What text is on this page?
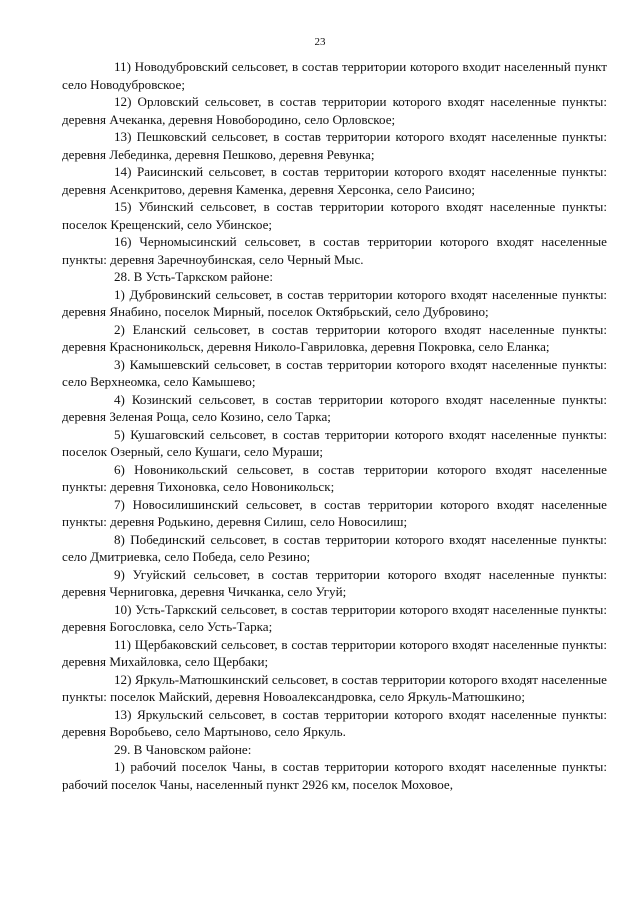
23

11) Новодубровский сельсовет, в состав территории которого входит населенный пункт село Новодубровское;

12) Орловский сельсовет, в состав территории которого входят населенные пункты: деревня Ачеканка, деревня Новобородино, село Орловское;

13) Пешковский сельсовет, в состав территории которого входят населенные пункты: деревня Лебединка, деревня Пешково, деревня Ревунка;

14) Раисинский сельсовет, в состав территории которого входят населенные пункты: деревня Асенкритово, деревня Каменка, деревня Херсонка, село Раисино;

15) Убинский сельсовет, в состав территории которого входят населенные пункты: поселок Крещенский, село Убинское;

16) Черномысинский сельсовет, в состав территории которого входят населенные пункты: деревня Заречноубинская, село Черный Мыс.

28. В Усть-Таркском районе:

1) Дубровинский сельсовет, в состав территории которого входят населенные пункты: деревня Янабино, поселок Мирный, поселок Октябрьский, село Дубровино;

2) Еланский сельсовет, в состав территории которого входят населенные пункты: деревня Красноникольск, деревня Николо-Гавриловка, деревня Покровка, село Еланка;

3) Камышевский сельсовет, в состав территории которого входят населенные пункты: село Верхнеомка, село Камышево;

4) Козинский сельсовет, в состав территории которого входят населенные пункты: деревня Зеленая Роща, село Козино, село Тарка;

5) Кушаговский сельсовет, в состав территории которого входят населенные пункты: поселок Озерный, село Кушаги, село Мураши;

6) Новоникольский сельсовет, в состав территории которого входят населенные пункты: деревня Тихоновка, село Новоникольск;

7) Новосилишинский сельсовет, в состав территории которого входят населенные пункты: деревня Родькино, деревня Силиш, село Новосилиш;

8) Побединский сельсовет, в состав территории которого входят населенные пункты: село Дмитриевка, село Победа, село Резино;

9) Угуйский сельсовет, в состав территории которого входят населенные пункты: деревня Черниговка, деревня Чичканка, село Угуй;

10) Усть-Таркский сельсовет, в состав территории которого входят населенные пункты: деревня Богословка, село Усть-Тарка;

11) Щербаковский сельсовет, в состав территории которого входят населенные пункты: деревня Михайловка, село Щербаки;

12) Яркуль-Матюшкинский сельсовет, в состав территории которого входят населенные пункты: поселок Майский, деревня Новоалександровка, село Яркуль-Матюшкино;

13) Яркульский сельсовет, в состав территории которого входят населенные пункты: деревня Воробьево, село Мартыново, село Яркуль.

29. В Чановском районе:

1) рабочий поселок Чаны, в состав территории которого входят населенные пункты: рабочий поселок Чаны, населенный пункт 2926 км, поселок Моховое,
